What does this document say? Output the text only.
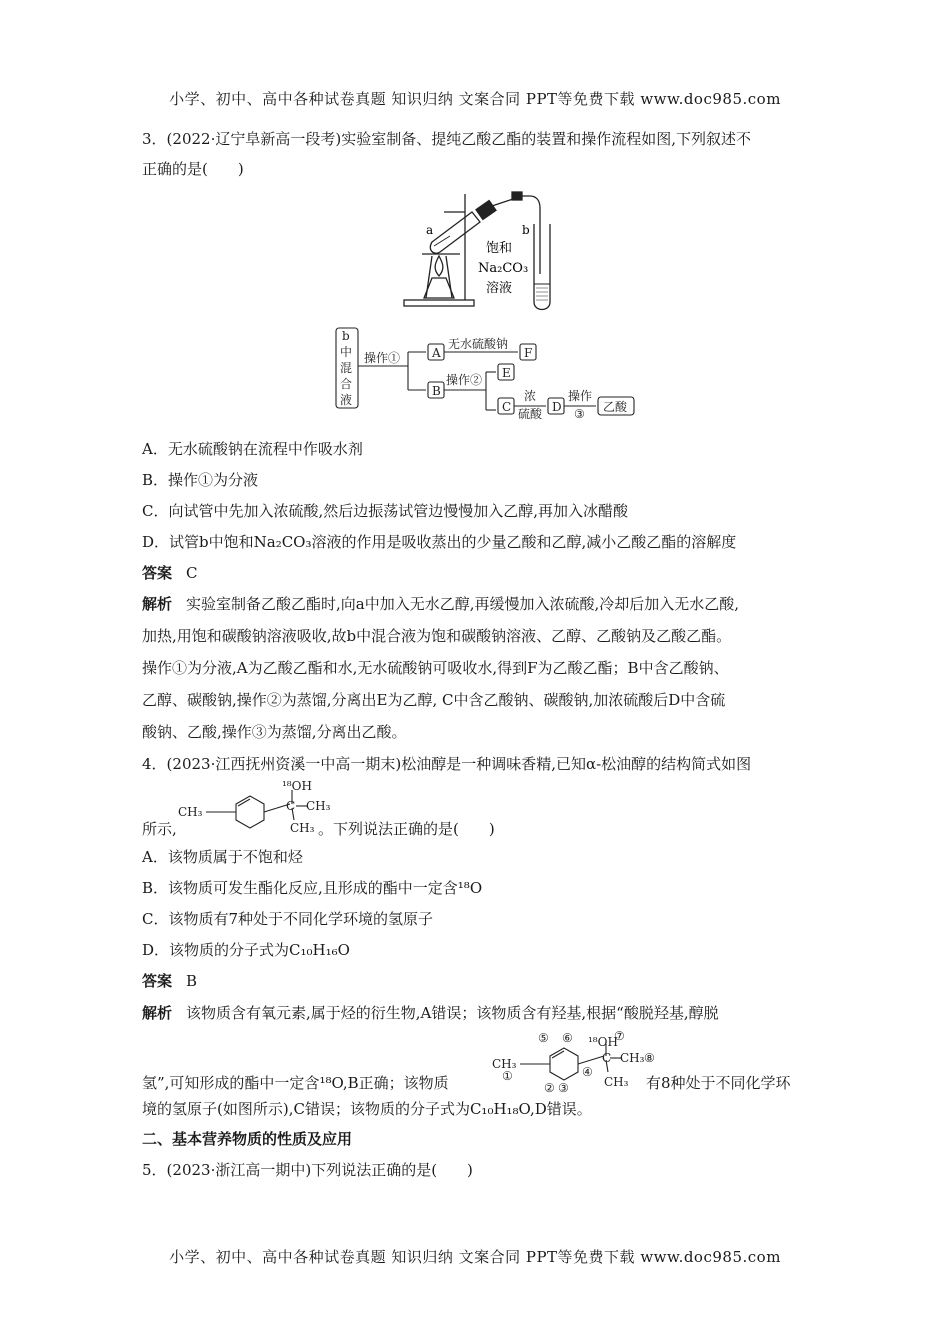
小学、初中、高中各种试卷真题 知识归纳 文案合同 PPT等免费下载 www.doc985.com
3．(2022·辽宁阜新高一段考)实验室制备、提纯乙酸乙酯的装置和操作流程如图,下列叙述不
正确的是(　　)
a	b
饱和
Na₂CO₃
溶液
b
中
混
合
液
操作①	A
无水硫酸钠
F
B
操作② E
C
浓
硫酸 D
操作
③ 乙酸
A．无水硫酸钠在流程中作吸水剂
B．操作①为分液
C．向试管中先加入浓硫酸,然后边振荡试管边慢慢加入乙醇,再加入冰醋酸
D．试管b中饱和Na₂CO₃溶液的作用是吸收蒸出的少量乙酸和乙醇,减小乙酸乙酯的溶解度
答案 C
解析 实验室制备乙酸乙酯时,向a中加入无水乙醇,再缓慢加入浓硫酸,冷却后加入无水乙酸,
加热,用饱和碳酸钠溶液吸收,故b中混合液为饱和碳酸钠溶液、乙醇、乙酸钠及乙酸乙酯。
操作①为分液,A为乙酸乙酯和水,无水硫酸钠可吸收水,得到F为乙酸乙酯；B中含乙酸钠、
乙醇、碳酸钠,操作②为蒸馏,分离出E为乙醇, C中含乙酸钠、碳酸钠,加浓硫酸后D中含硫
酸钠、乙酸,操作③为蒸馏,分离出乙酸。
4．(2023·江西抚州资溪一中高一期末)松油醇是一种调味香精,已知α-松油醇的结构简式如图
所示,
CH₃
¹⁸OH
C CH₃
CH₃ 。下列说法正确的是(　　)
A．该物质属于不饱和烃
B．该物质可发生酯化反应,且形成的酯中一定含¹⁸O
C．该物质有7种处于不同化学环境的氢原子
D．该物质的分子式为C₁₀H₁₆O
答案 B
解析 该物质含有氧元素,属于烃的衍生物,A错误；该物质含有羟基,根据“酸脱羟基,醇脱
氢”,可知形成的酯中一定含¹⁸O,B正确；该物质
⑤ ⑥	⑦
⑧
①
② ③
④
CH₃
¹⁸OH
C CH₃
CH₃ 有8种处于不同化学环
境的氢原子(如图所示),C错误；该物质的分子式为C₁₀H₁₈O,D错误。
二、基本营养物质的性质及应用
5．(2023·浙江高一期中)下列说法正确的是(　　)
小学、初中、高中各种试卷真题 知识归纳 文案合同 PPT等免费下载 www.doc985.com
